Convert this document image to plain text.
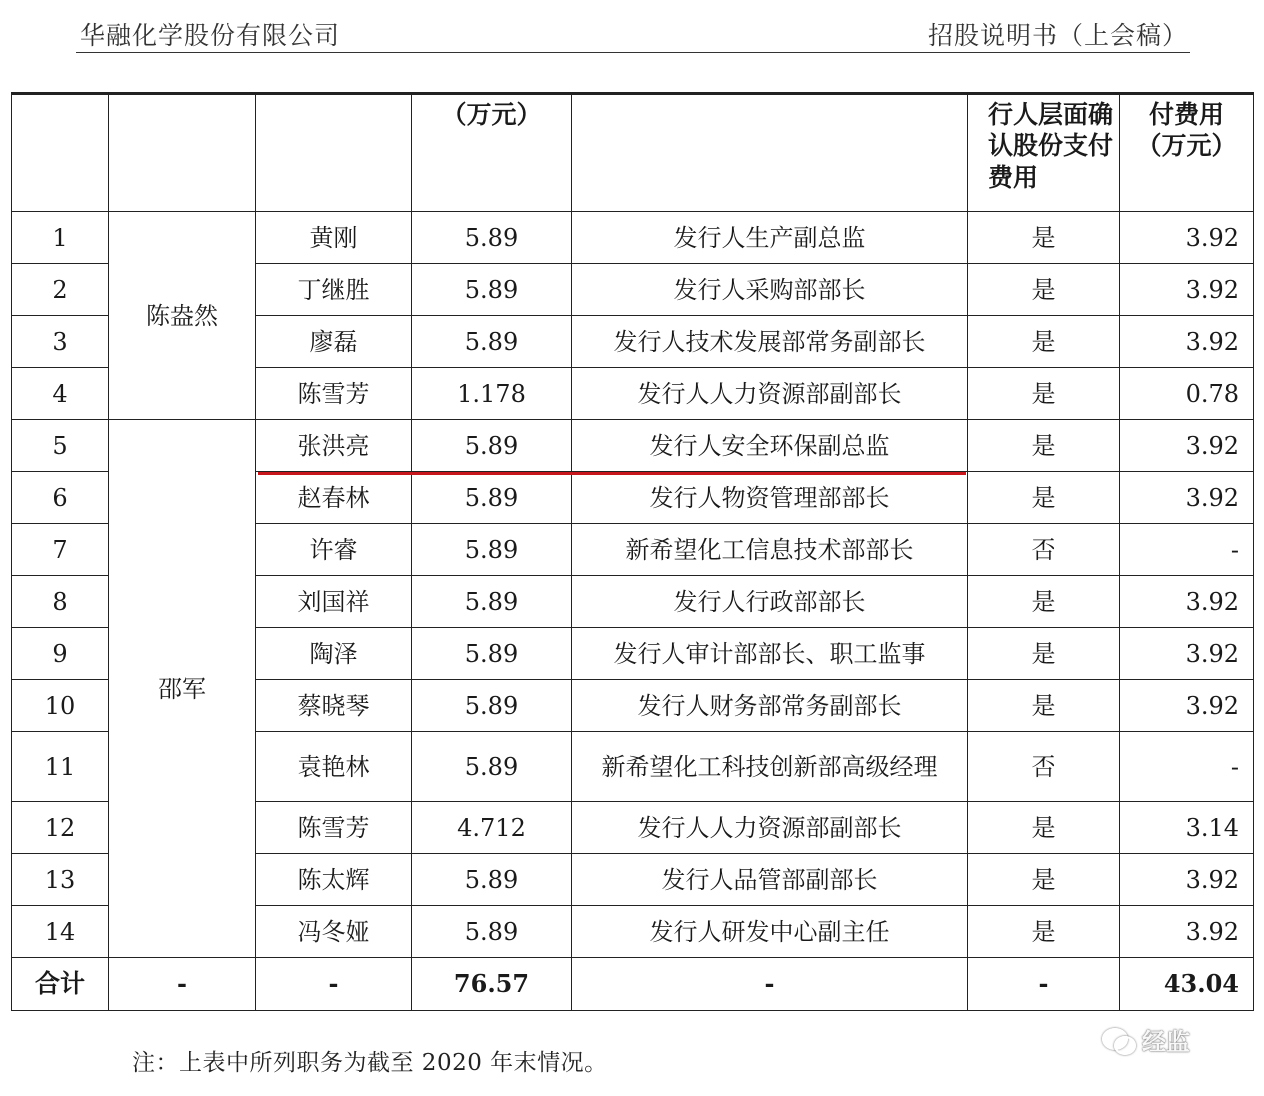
华融化学股份有限公司	招股说明书（上会稿）
			（万元）		行人层面确认股份支付费用	付费用（万元）
1	陈盎然	黄刚	5.89	发行人生产副总监	是	3.92
2		丁继胜	5.89	发行人采购部部长	是	3.92
3		廖磊	5.89	发行人技术发展部常务副部长	是	3.92
4		陈雪芳	1.178	发行人人力资源部副部长	是	0.78
5	邵军	张洪亮	5.89	发行人安全环保副总监	是	3.92
6		赵春林	5.89	发行人物资管理部部长	是	3.92
7		许睿	5.89	新希望化工信息技术部部长	否	-
8		刘国祥	5.89	发行人行政部部长	是	3.92
9		陶泽	5.89	发行人审计部部长、职工监事	是	3.92
10		蔡晓琴	5.89	发行人财务部常务副部长	是	3.92
11		袁艳林	5.89	新希望化工科技创新部高级经理	否	-
12		陈雪芳	4.712	发行人人力资源部副部长	是	3.14
13		陈太辉	5.89	发行人品管部副部长	是	3.92
14		冯冬娅	5.89	发行人研发中心副主任	是	3.92
合计	-	-	76.57	-	-	43.04
注：上表中所列职务为截至 2020 年末情况。
经监
